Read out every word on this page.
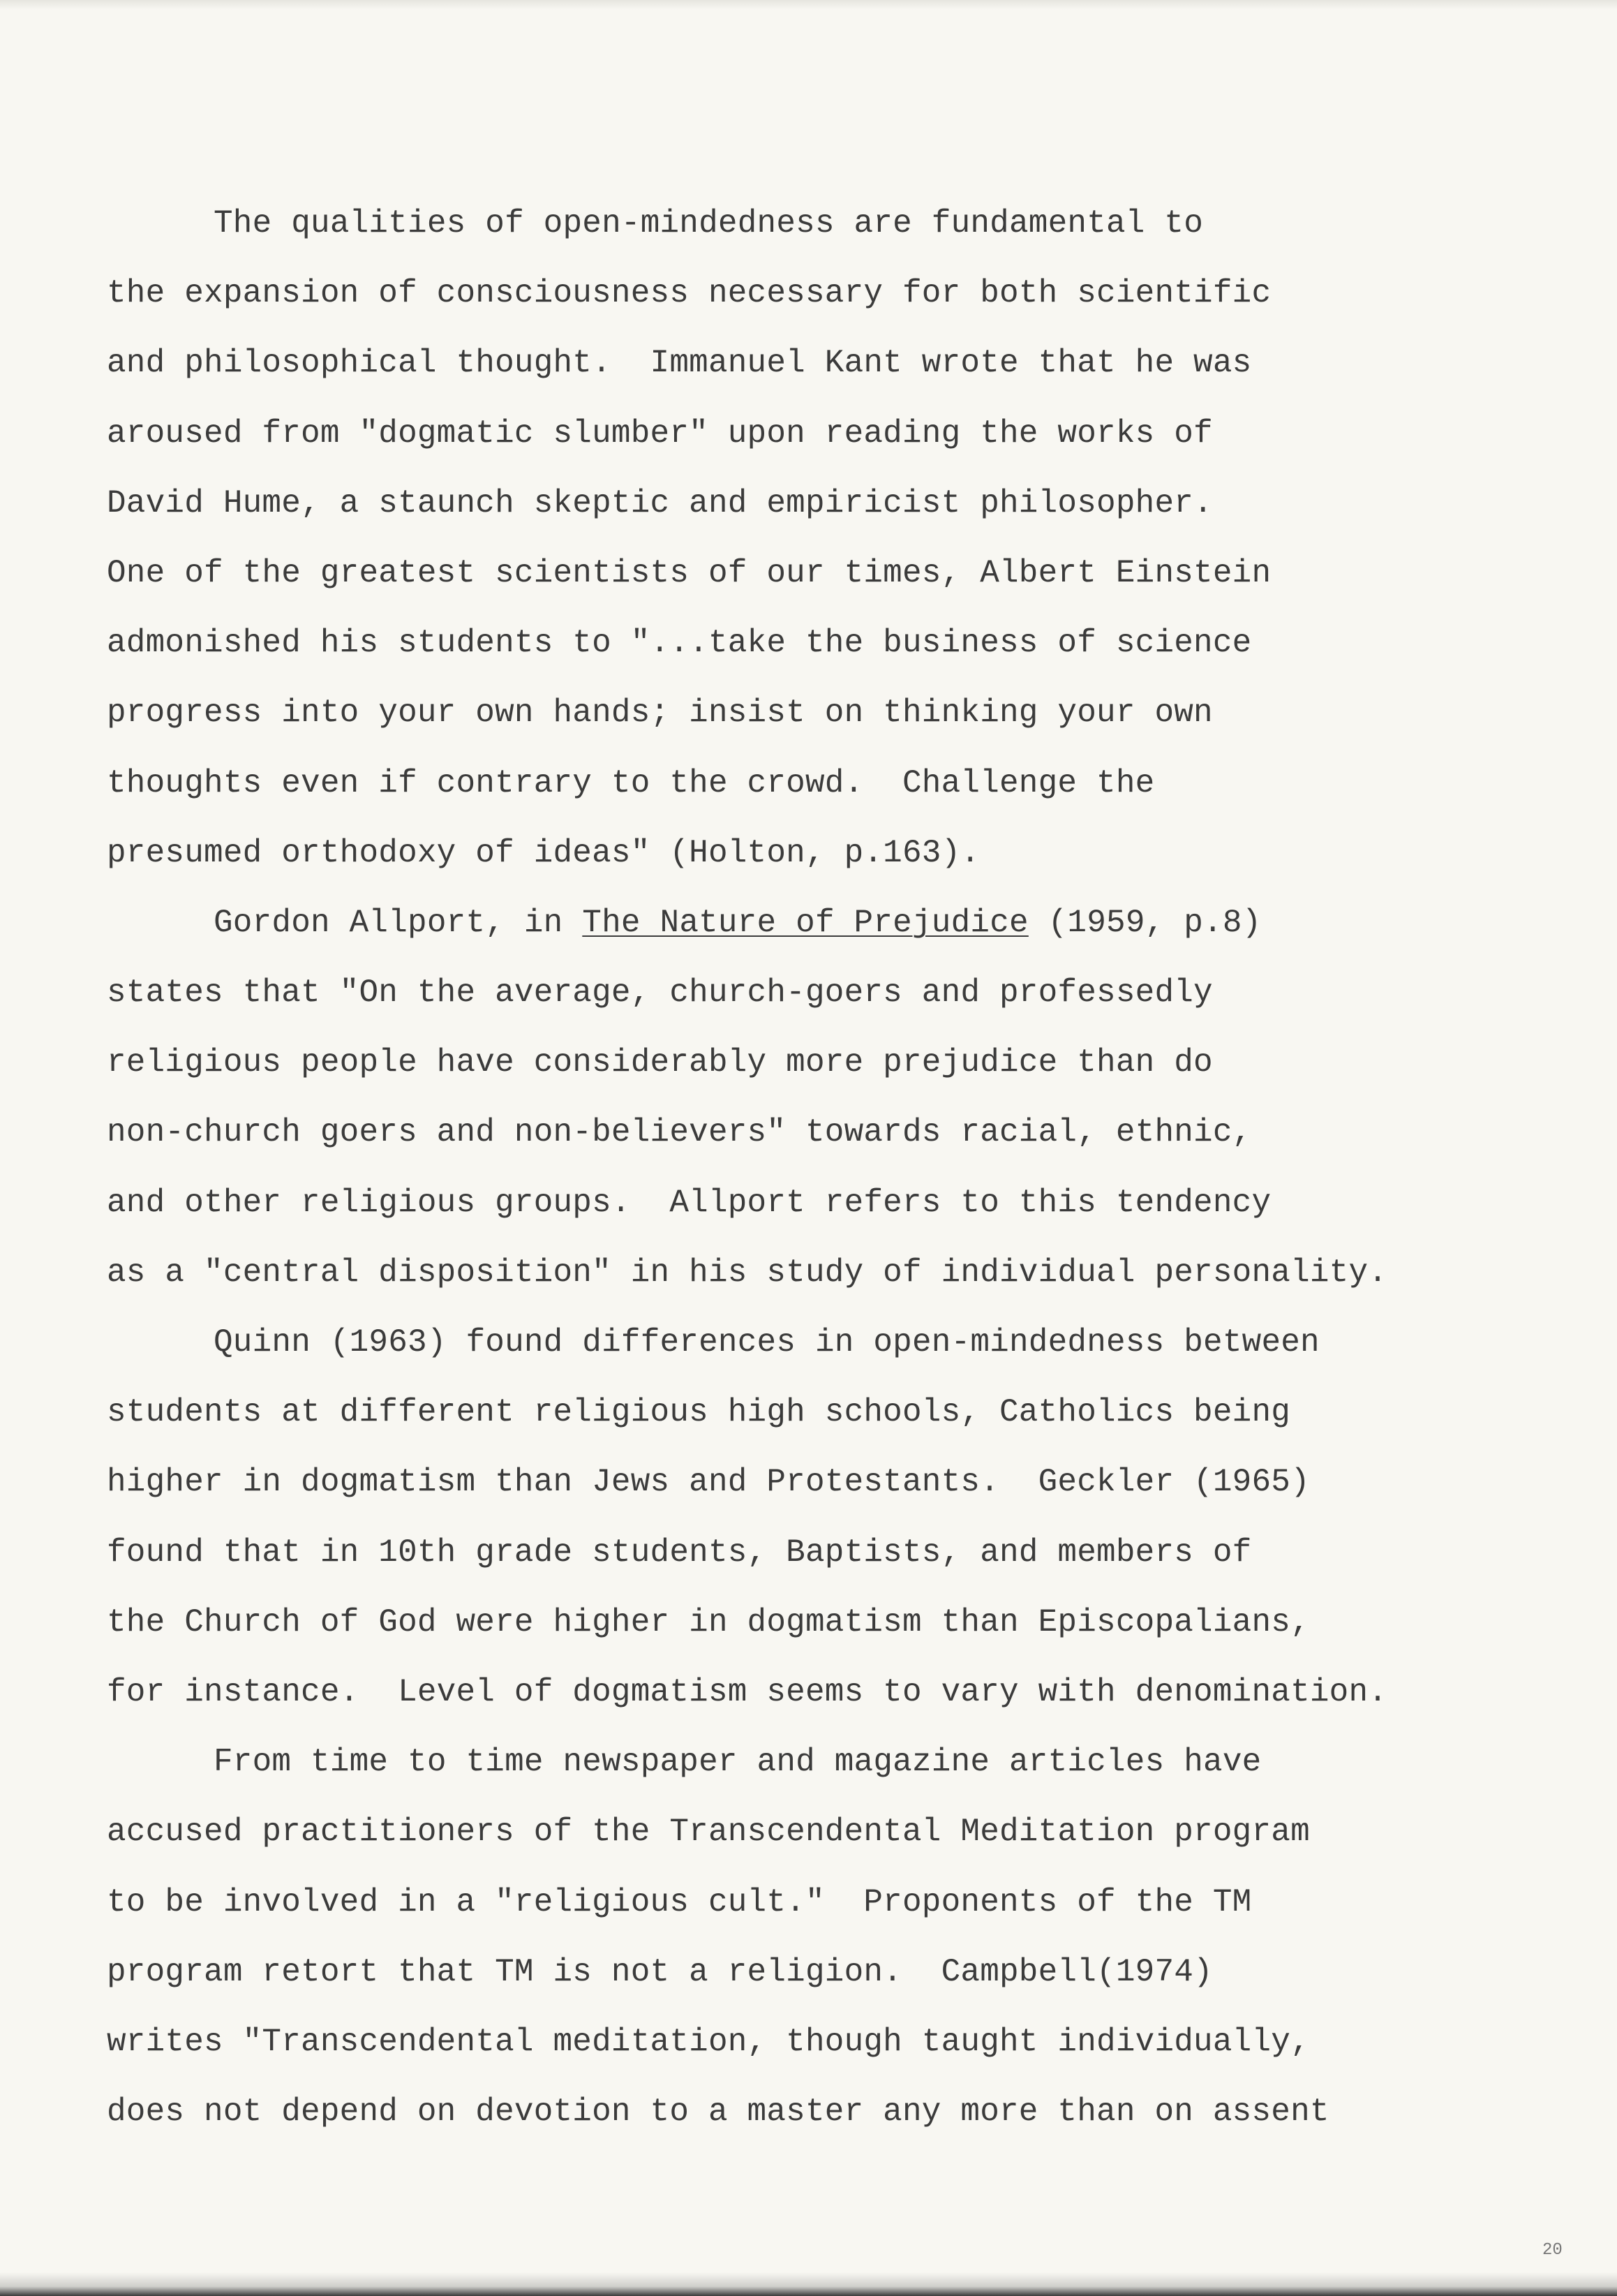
The qualities of open-mindedness are fundamental to
the expansion of consciousness necessary for both scientific
and philosophical thought.  Immanuel Kant wrote that he was
aroused from "dogmatic slumber" upon reading the works of
David Hume, a staunch skeptic and empiricist philosopher.
One of the greatest scientists of our times, Albert Einstein
admonished his students to "...take the business of science
progress into your own hands; insist on thinking your own
thoughts even if contrary to the crowd.  Challenge the
presumed orthodoxy of ideas" (Holton, p.163).
Gordon Allport, in The Nature of Prejudice (1959, p.8)
states that "On the average, church-goers and professedly
religious people have considerably more prejudice than do
non-church goers and non-believers" towards racial, ethnic,
and other religious groups.  Allport refers to this tendency
as a "central disposition" in his study of individual personality.
Quinn (1963) found differences in open-mindedness between
students at different religious high schools, Catholics being
higher in dogmatism than Jews and Protestants.  Geckler (1965)
found that in 10th grade students, Baptists, and members of
the Church of God were higher in dogmatism than Episcopalians,
for instance.  Level of dogmatism seems to vary with denomination.
From time to time newspaper and magazine articles have
accused practitioners of the Transcendental Meditation program
to be involved in a "religious cult."  Proponents of the TM
program retort that TM is not a religion.  Campbell(1974)
writes "Transcendental meditation, though taught individually,
does not depend on devotion to a master any more than on assent
20
